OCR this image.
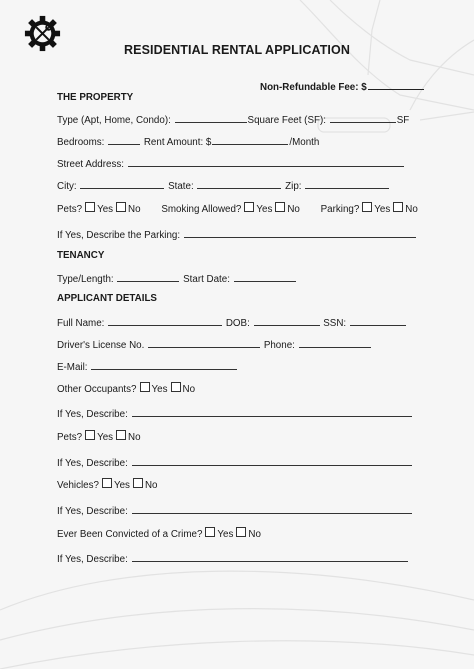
RESIDENTIAL RENTAL APPLICATION
Non-Refundable Fee: $
THE PROPERTY
Type (Apt, Home, Condo):	Square Feet (SF):	SF
Bedrooms:	Rent Amount: $	/Month
Street Address:
City:	State:	Zip:
Pets? Yes No Smoking Allowed? Yes No Parking? Yes No
If Yes, Describe the Parking:
TENANCY
Type/Length:	Start Date:
APPLICANT DETAILS
Full Name:	DOB:	SSN:
Driver's License No.	Phone:
E-Mail:
Other Occupants? Yes No
If Yes, Describe:
Pets? Yes No
If Yes, Describe:
Vehicles? Yes No
If Yes, Describe:
Ever Been Convicted of a Crime? Yes No
If Yes, Describe:
